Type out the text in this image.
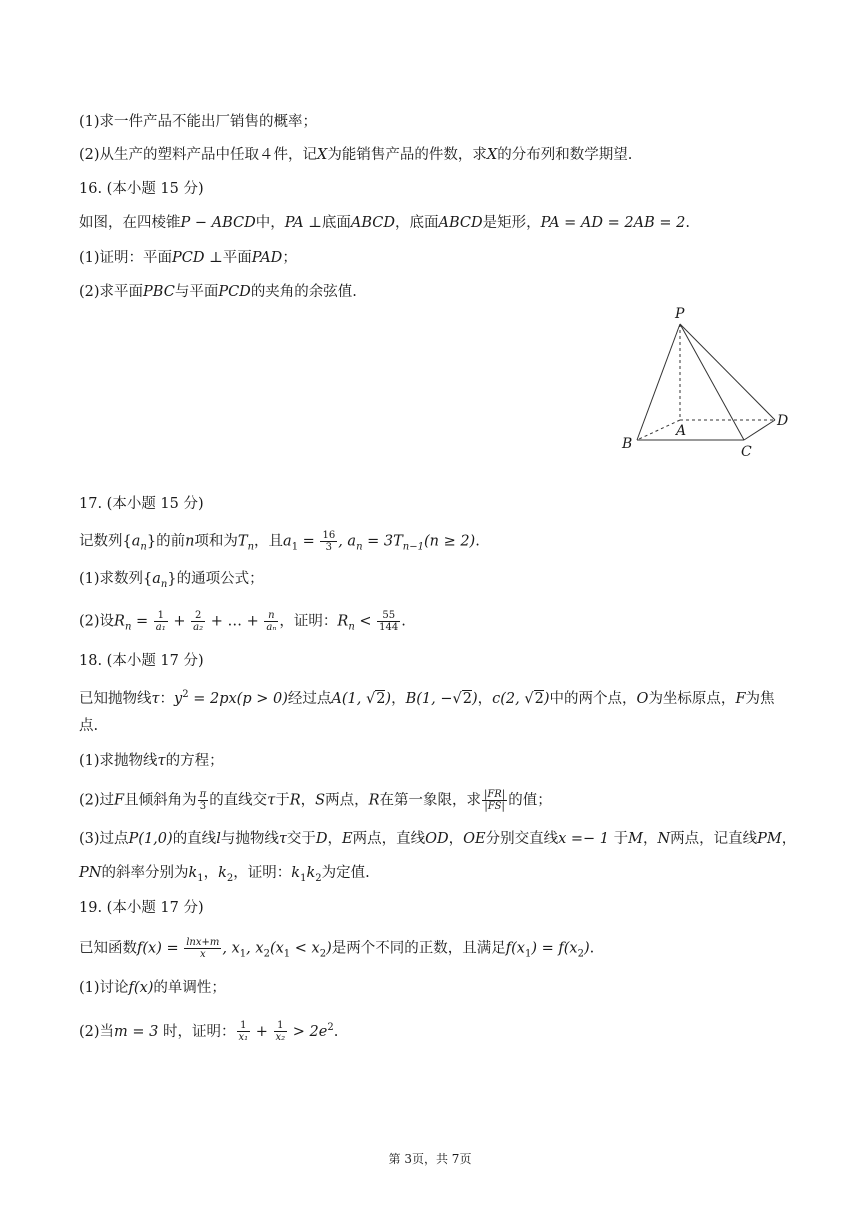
(1)求一件产品不能出厂销售的概率；
(2)从生产的塑料产品中任取４件，记X为能销售产品的件数，求X的分布列和数学期望.
16. (本小题 15 分)
如图，在四棱锥P − ABCD中，PA ⊥底面ABCD，底面ABCD是矩形，PA = AD = 2AB = 2.
(1)证明：平面PCD ⊥平面PAD；
(2)求平面PBC与平面PCD的夹角的余弦值.
P
A
B	C
D
17. (本小题 15 分)
记数列$\{a_n\}$的前n项和为$T_n$，且$a_1 = \frac{16}{3}$ , $a_n = 3T_{n-1}(n \ge 2)$.
(1)求数列$\{a_n\}$的通项公式；
(2)设$R_n = \frac{1}{\text{a₁}} + \frac{2}{\text{a₂}}$ + … + $\frac{n}{\text{aₙ}}$ ，证明：$R_n < \frac{55}{144}$ .
18. (本小题 17 分)
已知抛物线τ：$y^2 = 2px(p > 0)$经过点A(1, √2)，B(1, −√2)，c(2, √2)中的两个点，O为坐标原点，F为焦
点.
(1)求抛物线τ的方程；
(2)过F且倾斜角为 $\frac{\pi}{3}$ 的直线交τ于R，S两点，R在第一象限，求 $\frac{|FR|}{|FS|}$ 的值；
(3)过点P(1,0)的直线l与抛物线τ交于D，E两点，直线OD，OE分别交直线x =− 1 于M，N两点，记直线PM，
PN的斜率分别为$k_1$，$k_2$，证明：$k_1k_2$为定值.
19. (本小题 17 分)
已知函数$f(x) = \frac{\ln x+m}{x}$ , $x_1$, $x_2(x_1 < x_2)$是两个不同的正数，且满足$f(x_1) = f(x_2)$.
(1)讨论f(x)的单调性；
(2)当m = 3 时，证明： $\frac{1}{\text{x₁}} + \frac{1}{\text{x₂}} > 2e^2$.
第 3页，共 7页
